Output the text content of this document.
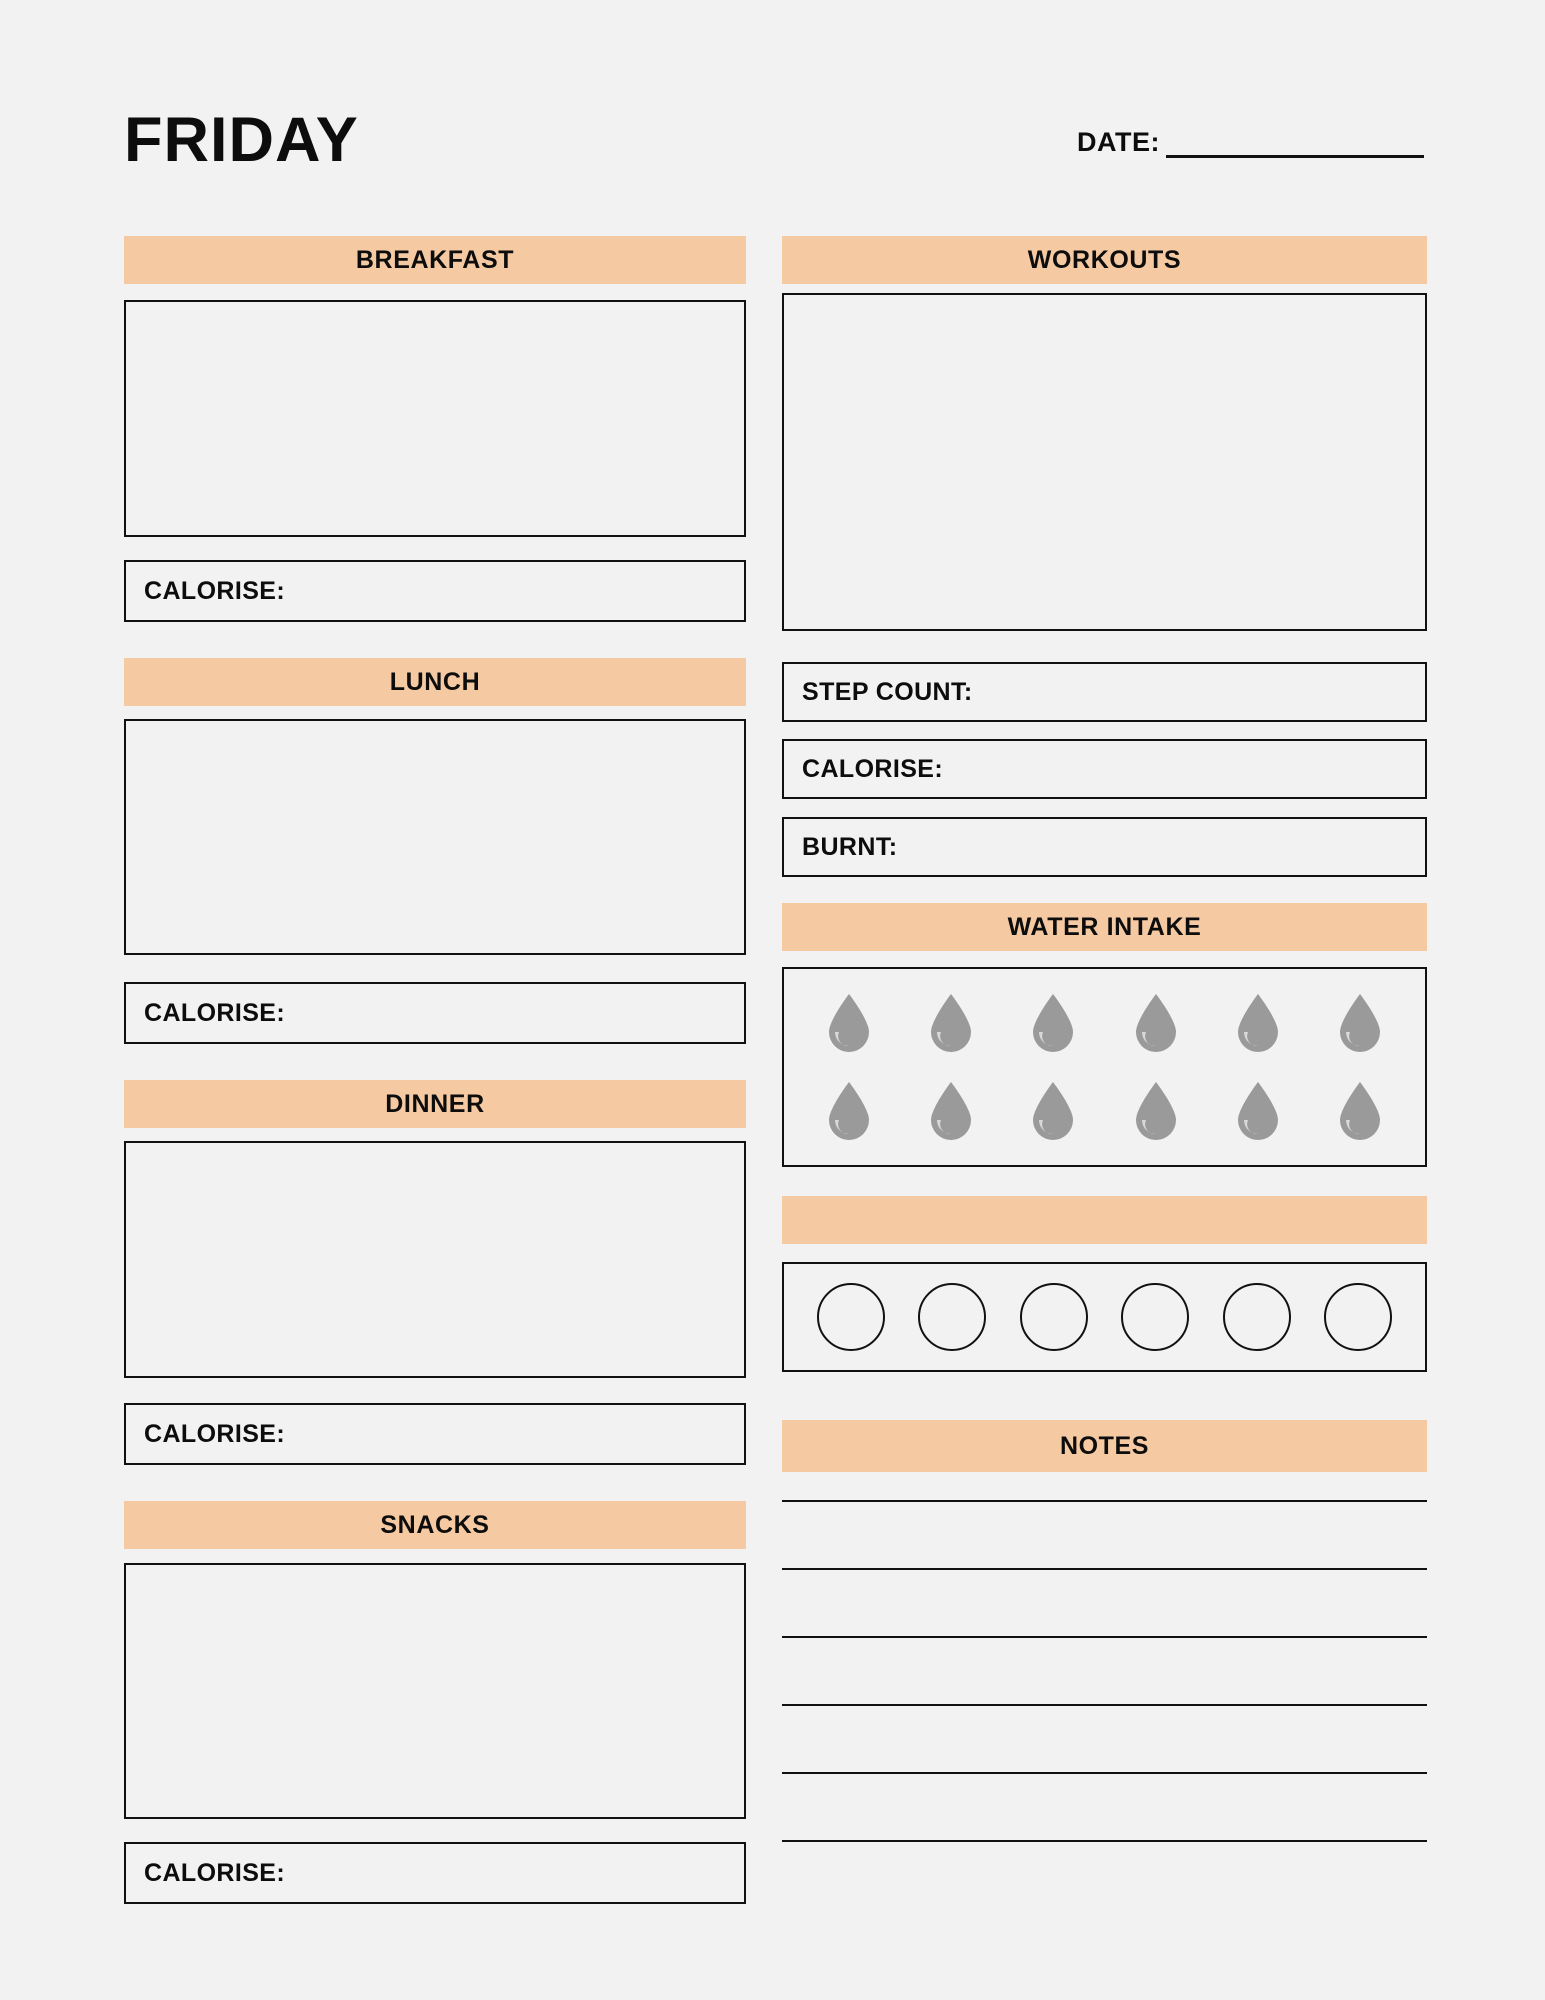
FRIDAY	DATE:
BREAKFAST
CALORISE:
LUNCH
CALORISE:
DINNER
CALORISE:
SNACKS
CALORISE:
WORKOUTS
STEP COUNT:
CALORISE:
BURNT:
WATER INTAKE
NOTES
